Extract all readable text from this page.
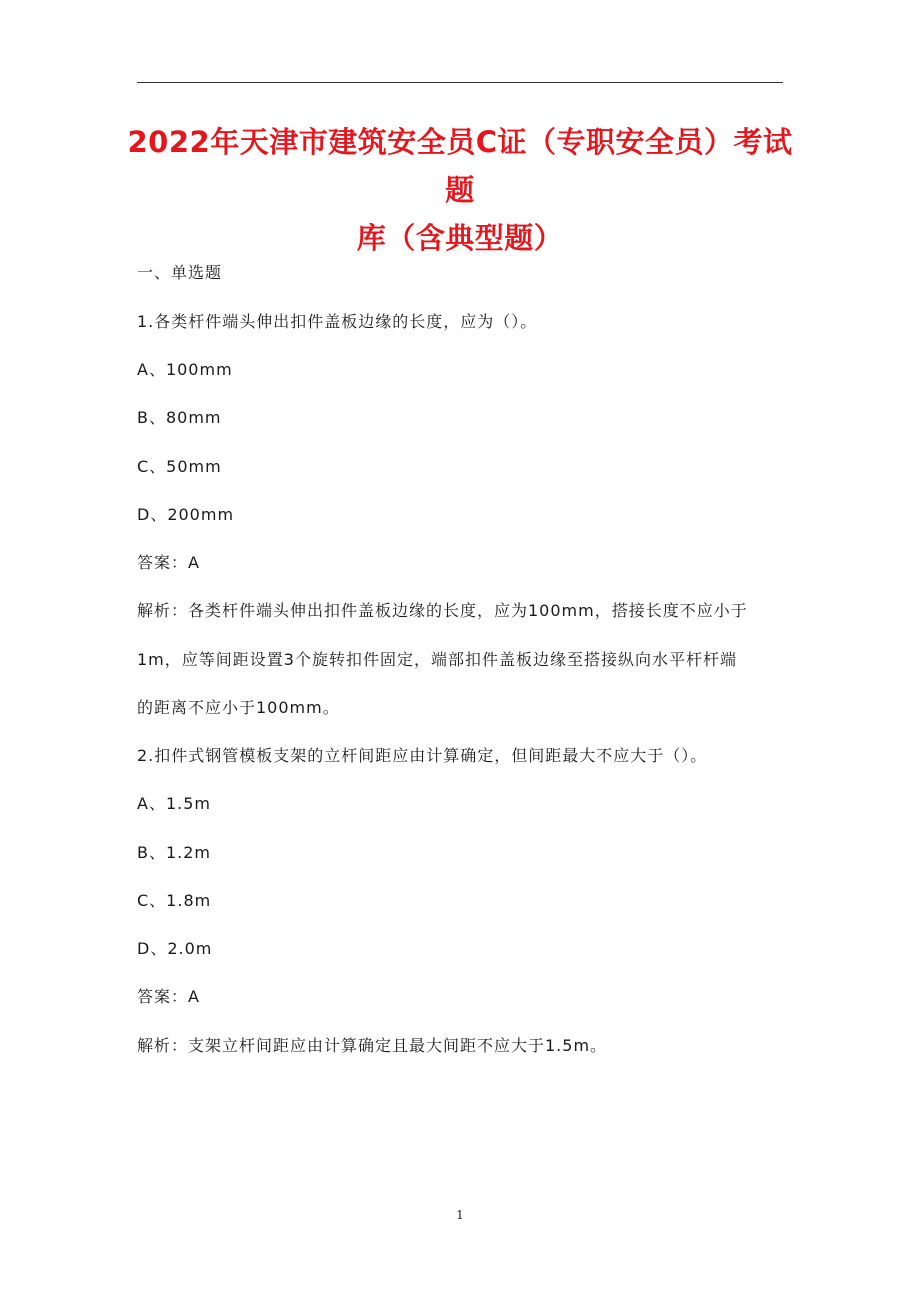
2022年天津市建筑安全员C证（专职安全员）考试题
库（含典型题）
一、单选题
1.各类杆件端头伸出扣件盖板边缘的长度，应为（）。
A、100mm
B、80mm
C、50mm
D、200mm
答案：A
解析：各类杆件端头伸出扣件盖板边缘的长度，应为100mm，搭接长度不应小于
1m，应等间距设置3个旋转扣件固定，端部扣件盖板边缘至搭接纵向水平杆杆端
的距离不应小于100mm。
2.扣件式钢管模板支架的立杆间距应由计算确定，但间距最大不应大于（）。
A、1.5m
B、1.2m
C、1.8m
D、2.0m
答案：A
解析：支架立杆间距应由计算确定且最大间距不应大于1.5m。
1
